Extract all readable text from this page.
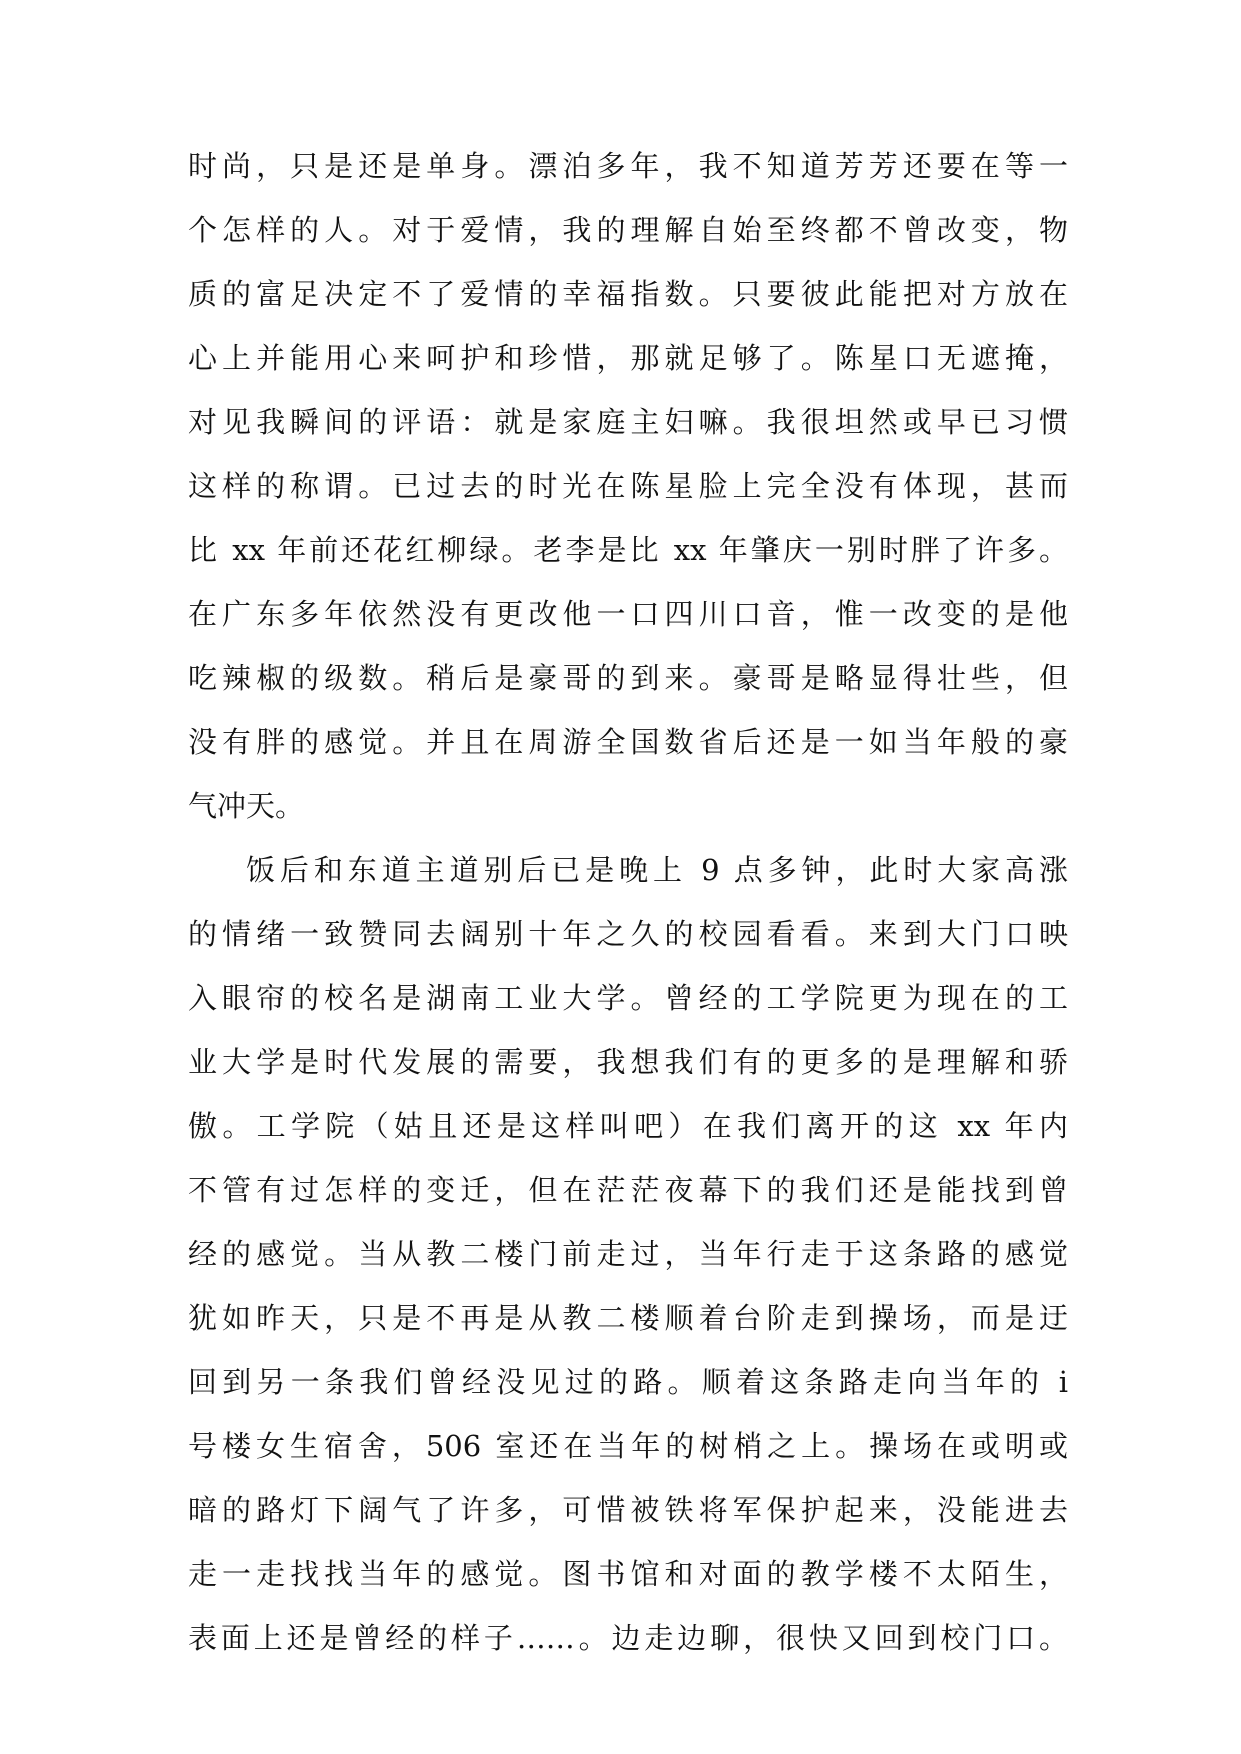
时尚，只是还是单身。漂泊多年，我不知道芳芳还要在等一
个怎样的人。对于爱情，我的理解自始至终都不曾改变，物
质的富足决定不了爱情的幸福指数。只要彼此能把对方放在
心上并能用心来呵护和珍惜，那就足够了。陈星口无遮掩，
对见我瞬间的评语：就是家庭主妇嘛。我很坦然或早已习惯
这样的称谓。已过去的时光在陈星脸上完全没有体现，甚而
比 xx 年前还花红柳绿。老李是比 xx 年肇庆一别时胖了许多。
在广东多年依然没有更改他一口四川口音，惟一改变的是他
吃辣椒的级数。稍后是豪哥的到来。豪哥是略显得壮些，但
没有胖的感觉。并且在周游全国数省后还是一如当年般的豪
气冲天。
饭后和东道主道别后已是晚上 9 点多钟，此时大家高涨
的情绪一致赞同去阔别十年之久的校园看看。来到大门口映
入眼帘的校名是湖南工业大学。曾经的工学院更为现在的工
业大学是时代发展的需要，我想我们有的更多的是理解和骄
傲。工学院（姑且还是这样叫吧）在我们离开的这 xx 年内
不管有过怎样的变迁，但在茫茫夜幕下的我们还是能找到曾
经的感觉。当从教二楼门前走过，当年行走于这条路的感觉
犹如昨天，只是不再是从教二楼顺着台阶走到操场，而是迂
回到另一条我们曾经没见过的路。顺着这条路走向当年的 i
号楼女生宿舍，506 室还在当年的树梢之上。操场在或明或
暗的路灯下阔气了许多，可惜被铁将军保护起来，没能进去
走一走找找当年的感觉。图书馆和对面的教学楼不太陌生，
表面上还是曾经的样子……。边走边聊，很快又回到校门口。
